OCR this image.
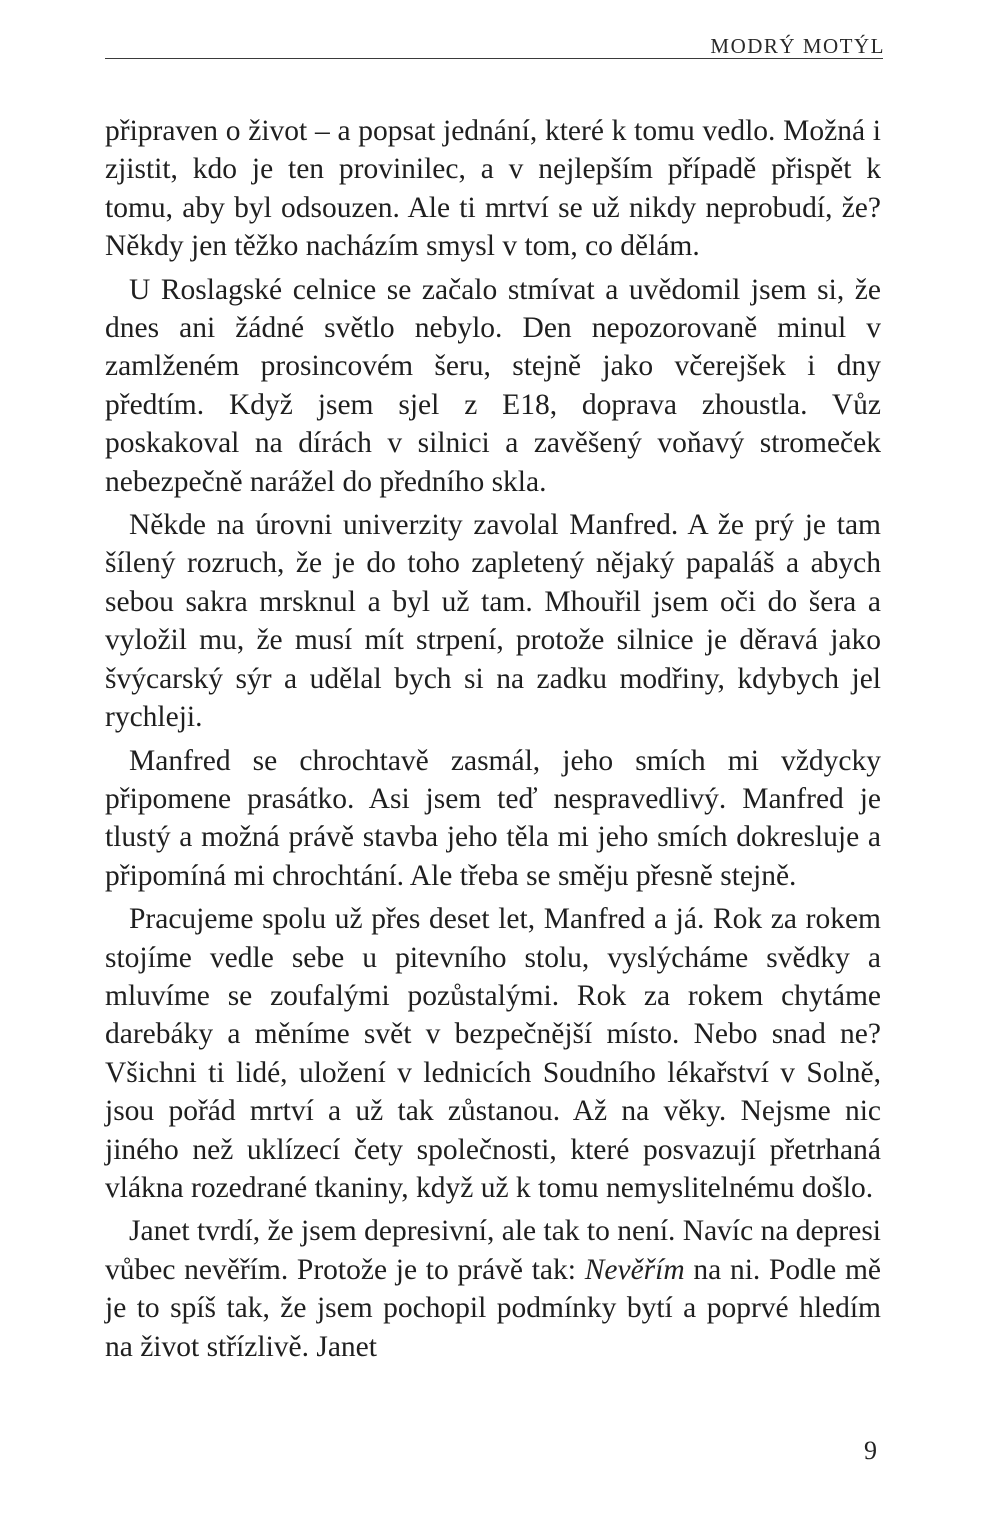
MODRÝ MOTÝL

připraven o život – a popsat jednání, které k tomu vedlo. Možná i zjistit, kdo je ten provinilec, a v nejlepším případě přispět k tomu, aby byl odsouzen. Ale ti mrtví se už nikdy neprobudí, že? Někdy jen těžko nacházím smysl v tom, co dělám.

U Roslagské celnice se začalo stmívat a uvědomil jsem si, že dnes ani žádné světlo nebylo. Den nepozorovaně minul v zamlženém prosincovém šeru, stejně jako včerejšek i dny předtím. Když jsem sjel z E18, doprava zhoustla. Vůz poskakoval na dírách v silnici a zavěšený voňavý stromeček nebezpečně narážel do předního skla.

Někde na úrovni univerzity zavolal Manfred. A že prý je tam šílený rozruch, že je do toho zapletený nějaký papaláš a abych sebou sakra mrsknul a byl už tam. Mhouřil jsem oči do šera a vyložil mu, že musí mít strpení, protože silnice je děravá jako švýcarský sýr a udělal bych si na zadku modřiny, kdybych jel rychleji.

Manfred se chrochtavě zasmál, jeho smích mi vždycky připomene prasátko. Asi jsem teď nespravedlivý. Manfred je tlustý a možná právě stavba jeho těla mi jeho smích dokresluje a připomíná mi chrochtání. Ale třeba se směju přesně stejně.

Pracujeme spolu už přes deset let, Manfred a já. Rok za rokem stojíme vedle sebe u pitevního stolu, vyslýcháme svědky a mluvíme se zoufalými pozůstalými. Rok za rokem chytáme darebáky a měníme svět v bezpečnější místo. Nebo snad ne? Všichni ti lidé, uložení v lednicích Soudního lékařství v Solně, jsou pořád mrtví a už tak zůstanou. Až na věky. Nejsme nic jiného než uklízecí čety společnosti, které posvazují přetrhaná vlákna rozedrané tkaniny, když už k tomu nemyslitelnému došlo.

Janet tvrdí, že jsem depresivní, ale tak to není. Navíc na depresi vůbec nevěřím. Protože je to právě tak: Nevěřím na ni. Podle mě je to spíš tak, že jsem pochopil podmínky bytí a poprvé hledím na život střízlivě. Janet

9
